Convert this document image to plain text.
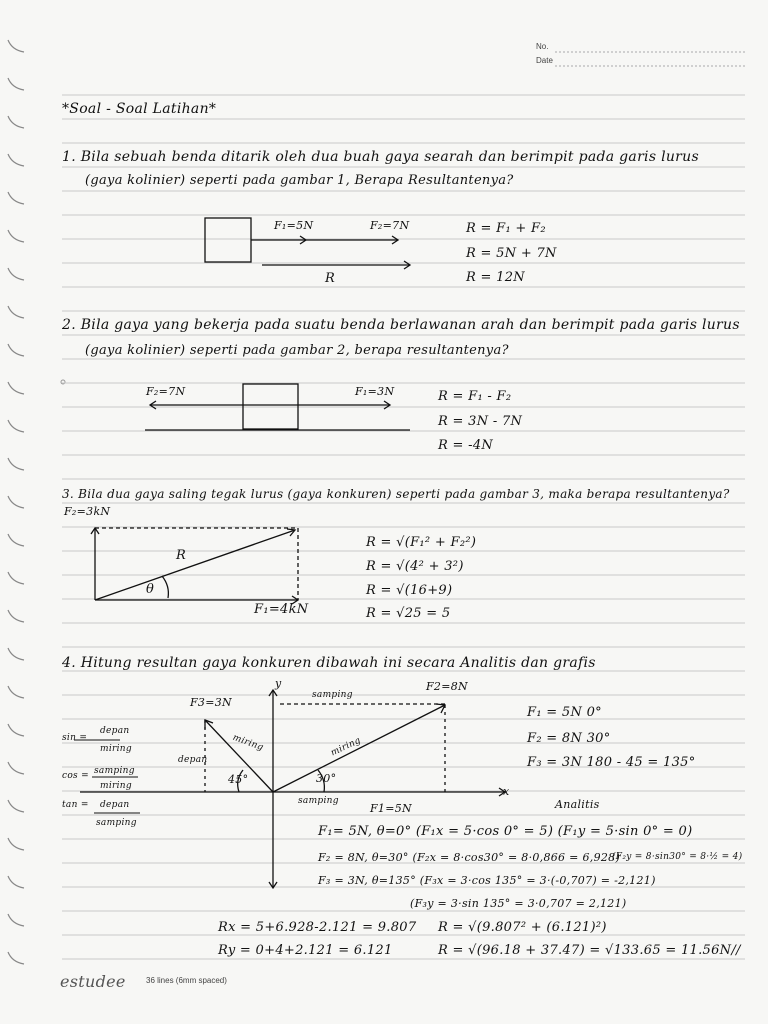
No.
Date
*Soal - Soal Latihan*
1. Bila sebuah benda ditarik oleh dua buah gaya searah dan berimpit pada garis lurus
(gaya kolinier) seperti pada gambar 1, Berapa Resultantenya?
F₁=5N	F₂=7N
R
R = F₁ + F₂
R = 5N + 7N
R = 12N
2. Bila gaya yang bekerja pada suatu benda berlawanan arah dan berimpit pada garis lurus
(gaya kolinier) seperti pada gambar 2, berapa resultantenya?
F₂=7N	F₁=3N	R = F₁ - F₂
R = 3N - 7N
R = -4N
3. Bila dua gaya saling tegak lurus (gaya konkuren) seperti pada gambar 3, maka berapa resultantenya?
F₂=3kN
R
θ
F₁=4kN
R = √(F₁² + F₂²)
R = √(4² + 3²)
R = √(16+9)
R = √25 = 5
4. Hitung resultan gaya konkuren dibawah ini secara Analitis dan grafis
y
x
F3=3N
F2=8N
samping
miring	miring
depan
45°	30°
samping
F1=5N
sin =
depan
miring
cos = samping
miring
tan = depan
samping
F₁ = 5N 0°
F₂ = 8N 30°
F₃ = 3N 180 - 45 = 135°
Analitis
F₁= 5N, θ=0° (F₁x = 5·cos 0° = 5) (F₁y = 5·sin 0° = 0)
F₂ = 8N, θ=30° (F₂x = 8·cos30° = 8·0,866 = 6,928)
(F₂y = 8·sin30° = 8·½ = 4)
F₃ = 3N, θ=135° (F₃x = 3·cos 135° = 3·(-0,707) = -2,121)
(F₃y = 3·sin 135° = 3·0,707 = 2,121)
Rx = 5+6.928-2.121 = 9.807
Ry = 0+4+2.121 = 6.121
R = √(9.807² + (6.121)²)
R = √(96.18 + 37.47) = √133.65 = 11.56N//
estudee	36 lines (6mm spaced)
